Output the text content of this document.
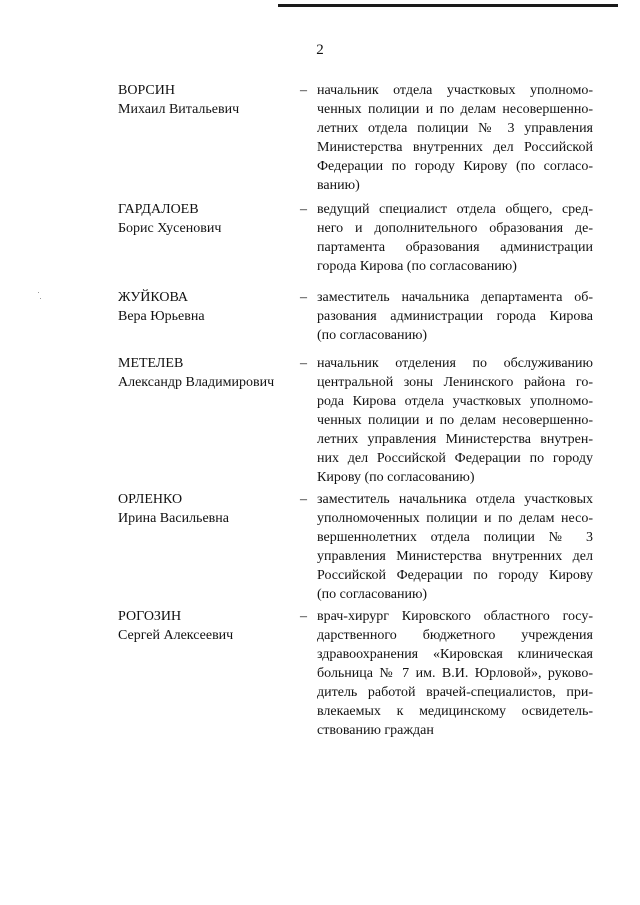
2
ВОРСИН
Михаил Витальевич
– начальник отдела участковых уполномо-
ченных полиции и по делам несовершенно-
летних отдела полиции № 3 управления
Министерства внутренних дел Российской
Федерации по городу Кирову (по согласо-
ванию)
ГАРДАЛОЕВ
Борис Хусенович
– ведущий специалист отдела общего, сред-
него и дополнительного образования де-
партамента образования администрации
города Кирова (по согласованию)
ЖУЙКОВА
Вера Юрьевна
– заместитель начальника департамента об-
разования администрации города Кирова
(по согласованию)
МЕТЕЛЕВ
Александр Владимирович
– начальник отделения по обслуживанию
центральной зоны Ленинского района го-
рода Кирова отдела участковых уполномо-
ченных полиции и по делам несовершенно-
летних управления Министерства внутрен-
них дел Российской Федерации по городу
Кирову (по согласованию)
ОРЛЕНКО
Ирина Васильевна
– заместитель начальника отдела участковых
уполномоченных полиции и по делам несо-
вершеннолетних отдела полиции № 3
управления Министерства внутренних дел
Российской Федерации по городу Кирову
(по согласованию)
РОГОЗИН
Сергей Алексеевич
– врач-хирург Кировского областного госу-
дарственного бюджетного учреждения
здравоохранения «Кировская клиническая
больница № 7 им. В.И. Юрловой», руково-
дитель работой врачей-специалистов, при-
влекаемых к медицинскому освидетель-
ствованию граждан
